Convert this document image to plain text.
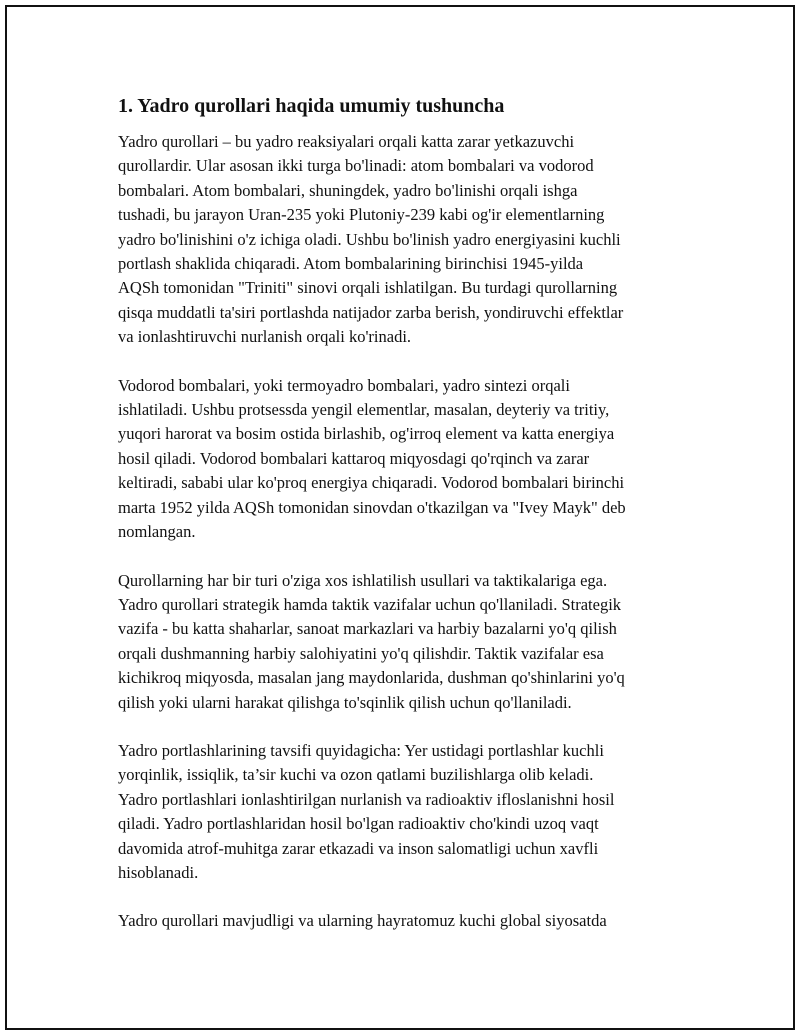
1. Yadro qurollari haqida umumiy tushuncha

Yadro qurollari – bu yadro reaksiyalari orqali katta zarar yetkazuvchi
qurollardir. Ular asosan ikki turga bo'linadi: atom bombalari va vodorod
bombalari. Atom bombalari, shuningdek, yadro bo'linishi orqali ishga
tushadi, bu jarayon Uran-235 yoki Plutoniy-239 kabi og'ir elementlarning
yadro bo'linishini o'z ichiga oladi. Ushbu bo'linish yadro energiyasini kuchli
portlash shaklida chiqaradi. Atom bombalarining birinchisi 1945-yilda
AQSh tomonidan "Triniti" sinovi orqali ishlatilgan. Bu turdagi qurollarning
qisqa muddatli ta'siri portlashda natijador zarba berish, yondiruvchi effektlar
va ionlashtiruvchi nurlanish orqali ko'rinadi.

Vodorod bombalari, yoki termoyadro bombalari, yadro sintezi orqali
ishlatiladi. Ushbu protsessda yengil elementlar, masalan, deyteriy va tritiy,
yuqori harorat va bosim ostida birlashib, og'irroq element va katta energiya
hosil qiladi. Vodorod bombalari kattaroq miqyosdagi qo'rqinch va zarar
keltiradi, sababi ular ko'proq energiya chiqaradi. Vodorod bombalari birinchi
marta 1952 yilda AQSh tomonidan sinovdan o'tkazilgan va "Ivey Mayk" deb
nomlangan.

Qurollarning har bir turi o'ziga xos ishlatilish usullari va taktikalariga ega.
Yadro qurollari strategik hamda taktik vazifalar uchun qo'llaniladi. Strategik
vazifa - bu katta shaharlar, sanoat markazlari va harbiy bazalarni yo'q qilish
orqali dushmanning harbiy salohiyatini yo'q qilishdir. Taktik vazifalar esa
kichikroq miqyosda, masalan jang maydonlarida, dushman qo'shinlarini yo'q
qilish yoki ularni harakat qilishga to'sqinlik qilish uchun qo'llaniladi.

Yadro portlashlarining tavsifi quyidagicha: Yer ustidagi portlashlar kuchli
yorqinlik, issiqlik, ta’sir kuchi va ozon qatlami buzilishlarga olib keladi.
Yadro portlashlari ionlashtirilgan nurlanish va radioaktiv ifloslanishni hosil
qiladi. Yadro portlashlaridan hosil bo'lgan radioaktiv cho'kindi uzoq vaqt
davomida atrof-muhitga zarar etkazadi va inson salomatligi uchun xavfli
hisoblanadi.

Yadro qurollari mavjudligi va ularning hayratomuz kuchi global siyosatda
